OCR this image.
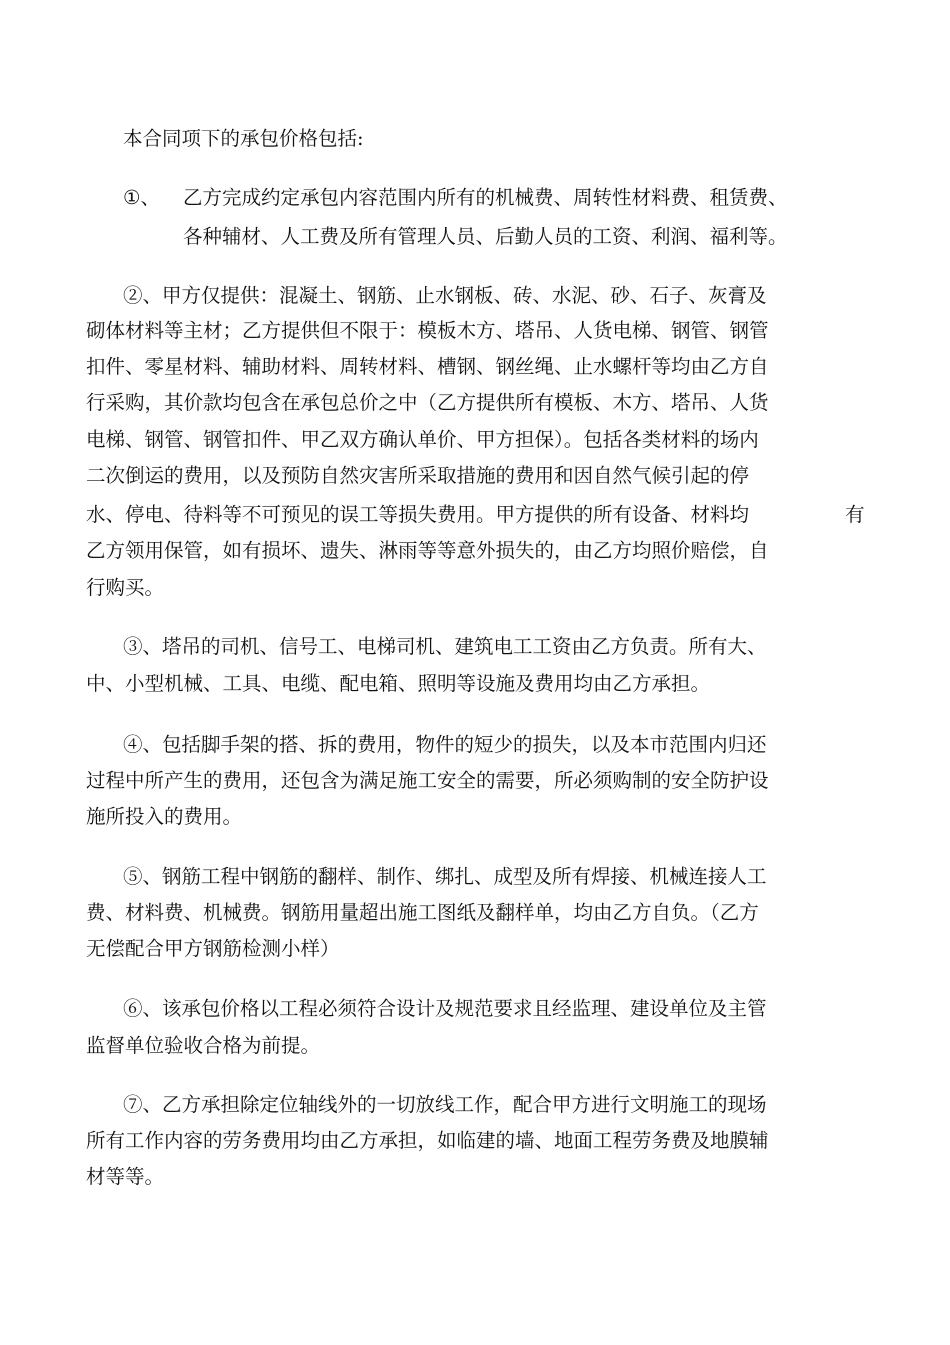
本合同项下的承包价格包括:
①、 乙方完成约定承包内容范围内所有的机械费、周转性材料费、租赁费、
各种辅材、人工费及所有管理人员、后勤人员的工资、利润、福利等。
②、甲方仅提供：混凝土、钢筋、止水钢板、砖、水泥、砂、石子、灰膏及
砌体材料等主材；乙方提供但不限于：模板木方、塔吊、人货电梯、钢管、钢管
扣件、零星材料、辅助材料、周转材料、槽钢、钢丝绳、止水螺杆等均由乙方自
行采购，其价款均包含在承包总价之中（乙方提供所有模板、木方、塔吊、人货
电梯、钢管、钢管扣件、甲乙双方确认单价、甲方担保）。包括各类材料的场内
二次倒运的费用，以及预防自然灾害所采取措施的费用和因自然气候引起的停
水、停电、待料等不可预见的误工等损失费用。甲方提供的所有设备、材料均	有
乙方领用保管，如有损坏、遗失、淋雨等等意外损失的，由乙方均照价赔偿，自
行购买。
③、塔吊的司机、信号工、电梯司机、建筑电工工资由乙方负责。所有大、
中、小型机械、工具、电缆、配电箱、照明等设施及费用均由乙方承担。
④、包括脚手架的搭、拆的费用，物件的短少的损失，以及本市范围内归还
过程中所产生的费用，还包含为满足施工安全的需要，所必须购制的安全防护设
施所投入的费用。
⑤、钢筋工程中钢筋的翻样、制作、绑扎、成型及所有焊接、机械连接人工
费、材料费、机械费。钢筋用量超出施工图纸及翻样单，均由乙方自负。（乙方
无偿配合甲方钢筋检测小样）
⑥、该承包价格以工程必须符合设计及规范要求且经监理、建设单位及主管
监督单位验收合格为前提。
⑦、乙方承担除定位轴线外的一切放线工作，配合甲方进行文明施工的现场
所有工作内容的劳务费用均由乙方承担，如临建的墙、地面工程劳务费及地膜辅
材等等。
